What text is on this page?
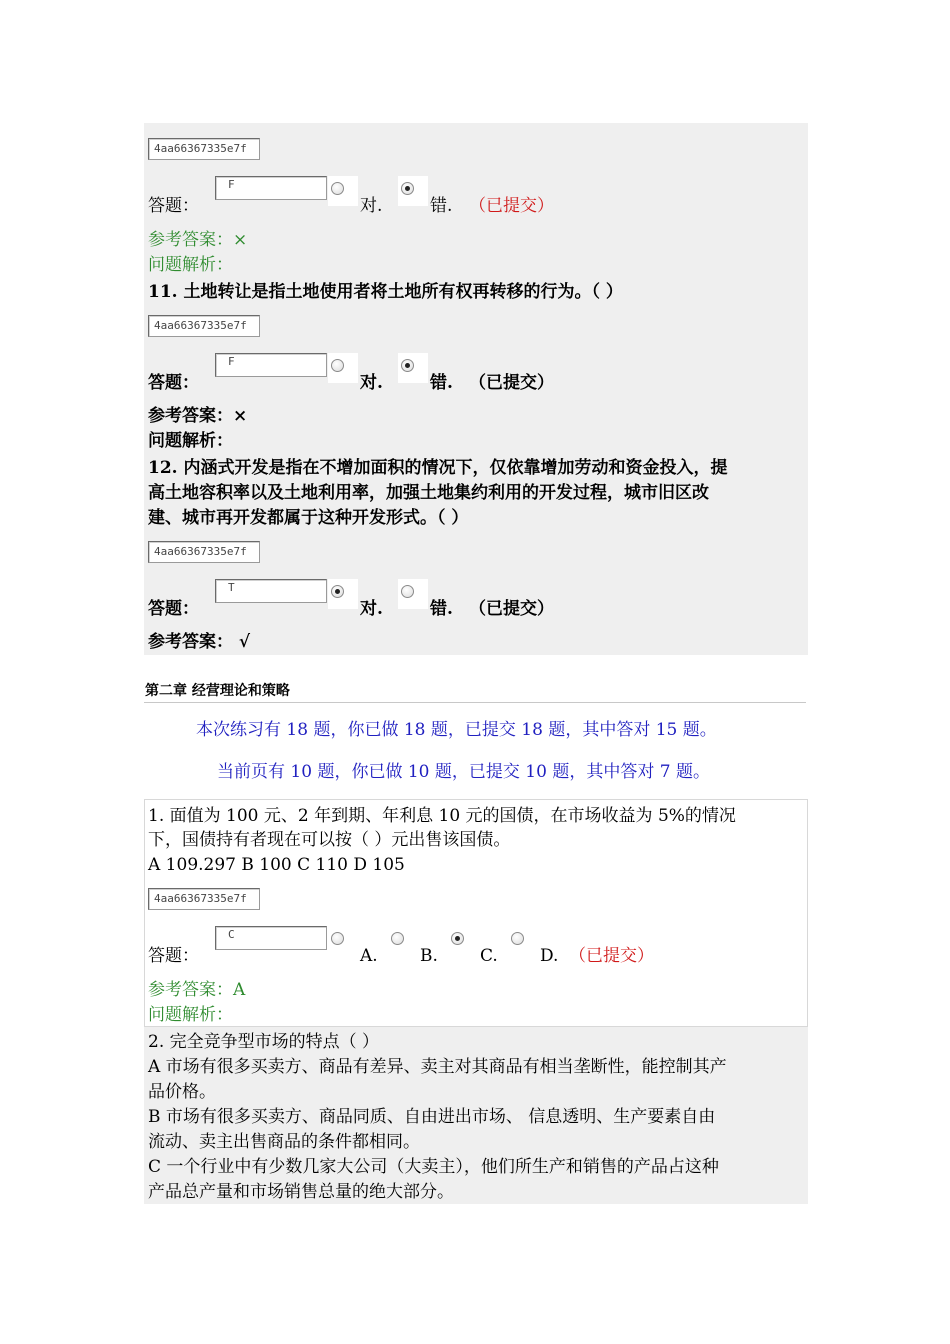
4aa66367335e7f
答题：
F
对.	错. （已提交）
参考答案：×
问题解析：
11. 土地转让是指土地使用者将土地所有权再转移的行为。（ ）
4aa66367335e7f
答题：
F
对.	错. （已提交）
参考答案：×
问题解析：
12. 内涵式开发是指在不增加面积的情况下，仅依靠增加劳动和资金投入，提
高土地容积率以及土地利用率，加强土地集约利用的开发过程，城市旧区改
建、城市再开发都属于这种开发形式。（ ）
4aa66367335e7f
答题：
T
对.	错. （已提交）
参考答案： √
第二章 经营理论和策略
本次练习有 18 题，你已做 18 题，已提交 18 题，其中答对 15 题。
当前页有 10 题，你已做 10 题，已提交 10 题，其中答对 7 题。
1. 面值为 100 元、2 年到期、年利息 10 元的国债，在市场收益为 5%的情况
下，国债持有者现在可以按（ ）元出售该国债。
A 109.297 B 100 C 110 D 105
4aa66367335e7f
答题：
C
A. B. C. D. （已提交）
参考答案：A
问题解析：
2. 完全竞争型市场的特点（ ）
A 市场有很多买卖方、商品有差异、卖主对其商品有相当垄断性，能控制其产
品价格。
B 市场有很多买卖方、商品同质、自由进出市场、 信息透明、生产要素自由
流动、卖主出售商品的条件都相同。
C 一个行业中有少数几家大公司（大卖主），他们所生产和销售的产品占这种
产品总产量和市场销售总量的绝大部分。
